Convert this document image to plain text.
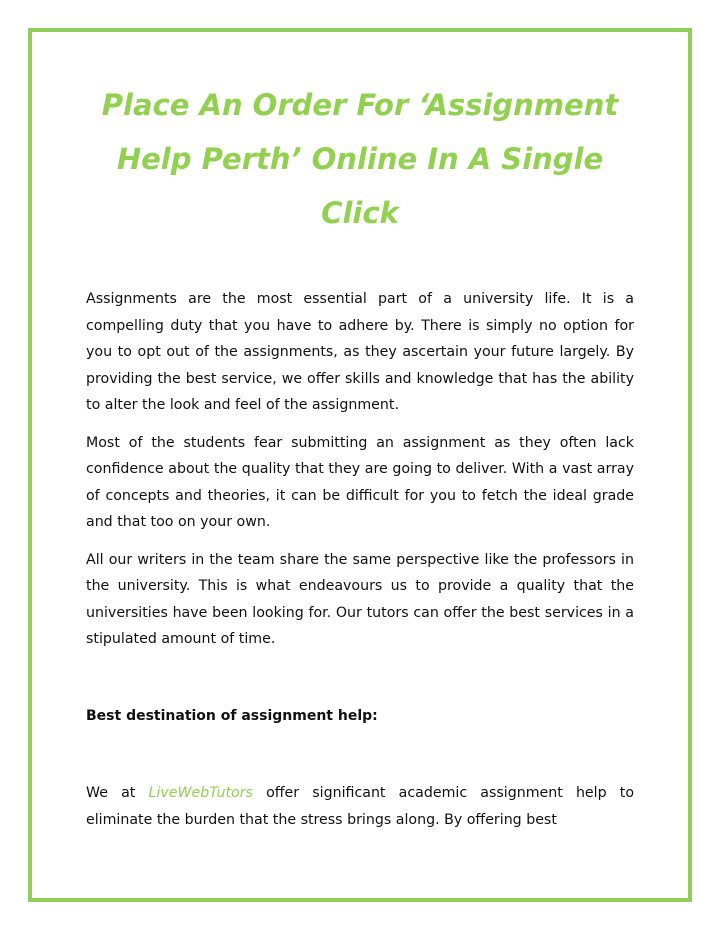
Place An Order For ‘Assignment Help Perth’ Online In A Single Click

Assignments are the most essential part of a university life. It is a compelling duty that you have to adhere by. There is simply no option for you to opt out of the assignments, as they ascertain your future largely. By providing the best service, we offer skills and knowledge that has the ability to alter the look and feel of the assignment.

Most of the students fear submitting an assignment as they often lack confidence about the quality that they are going to deliver. With a vast array of concepts and theories, it can be difficult for you to fetch the ideal grade and that too on your own.

All our writers in the team share the same perspective like the professors in the university. This is what endeavours us to provide a quality that the universities have been looking for. Our tutors can offer the best services in a stipulated amount of time.

Best destination of assignment help:

We at LiveWebTutors offer significant academic assignment help to eliminate the burden that the stress brings along. By offering best
